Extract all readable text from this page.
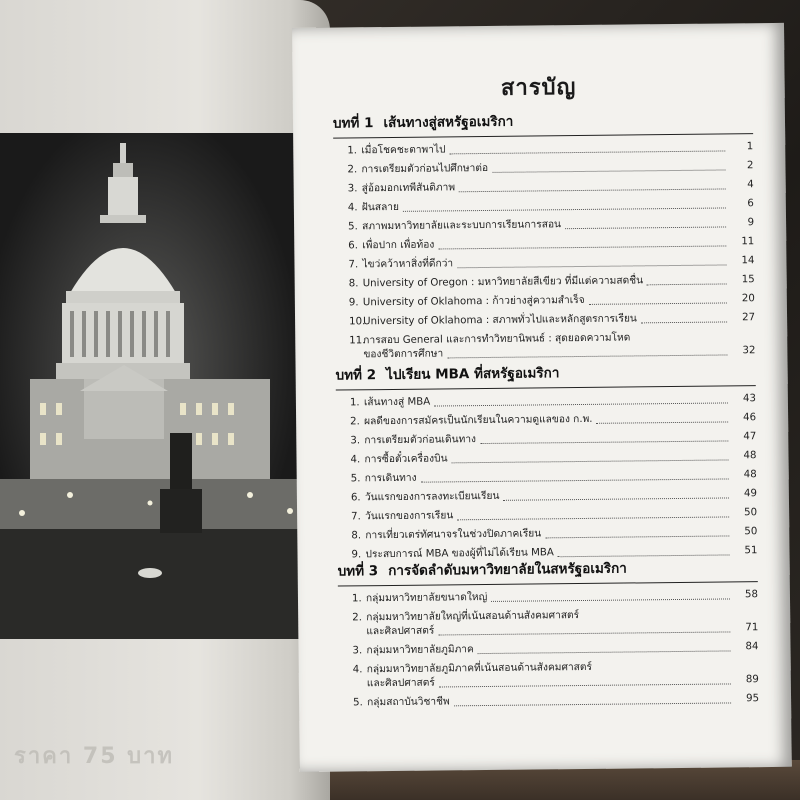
ราคา 75 บาท
สารบัญ
บทที่ 1 เส้นทางสู่สหรัฐอเมริกา
1. เมื่อโชคชะตาพาไป	1
2. การเตรียมตัวก่อนไปศึกษาต่อ	2
3. สู่อ้อมอกเทพีสันติภาพ	4
4. ฝันสลาย	6
5. สภาพมหาวิทยาลัยและระบบการเรียนการสอน	9
6. เพื่อปาก เพื่อท้อง	11
7. ไขว่คว้าหาสิ่งที่ดีกว่า	14
8. University of Oregon : มหาวิทยาลัยสีเขียว ที่มีแต่ความสดชื่น	15
9. University of Oklahoma : ก้าวย่างสู่ความสำเร็จ	20
10.
University of Oklahoma : สภาพทั่วไปและหลักสูตรการเรียน	27
11.
การสอบ General และการทำวิทยานิพนธ์ : สุดยอดความโหด
ของชีวิตการศึกษา	32
บทที่ 2 ไปเรียน MBA ที่สหรัฐอเมริกา
1. เส้นทางสู่ MBA	43
2. ผลดีของการสมัครเป็นนักเรียนในความดูแลของ ก.พ.	46
3. การเตรียมตัวก่อนเดินทาง	47
4. การซื้อตั๋วเครื่องบิน	48
5. การเดินทาง	48
6. วันแรกของการลงทะเบียนเรียน	49
7. วันแรกของการเรียน	50
8. การเที่ยวเตร่ทัศนาจรในช่วงปิดภาคเรียน	50
9. ประสบการณ์ MBA ของผู้ที่ไม่ได้เรียน MBA	51
บทที่ 3 การจัดลำดับมหาวิทยาลัยในสหรัฐอเมริกา
1. กลุ่มมหาวิทยาลัยขนาดใหญ่	58
2. กลุ่มมหาวิทยาลัยใหญ่ที่เน้นสอนด้านสังคมศาสตร์
และศิลปศาสตร์	71
3. กลุ่มมหาวิทยาลัยภูมิภาค	84
4. กลุ่มมหาวิทยาลัยภูมิภาคที่เน้นสอนด้านสังคมศาสตร์
และศิลปศาสตร์	89
5. กลุ่มสถาบันวิชาชีพ	95
